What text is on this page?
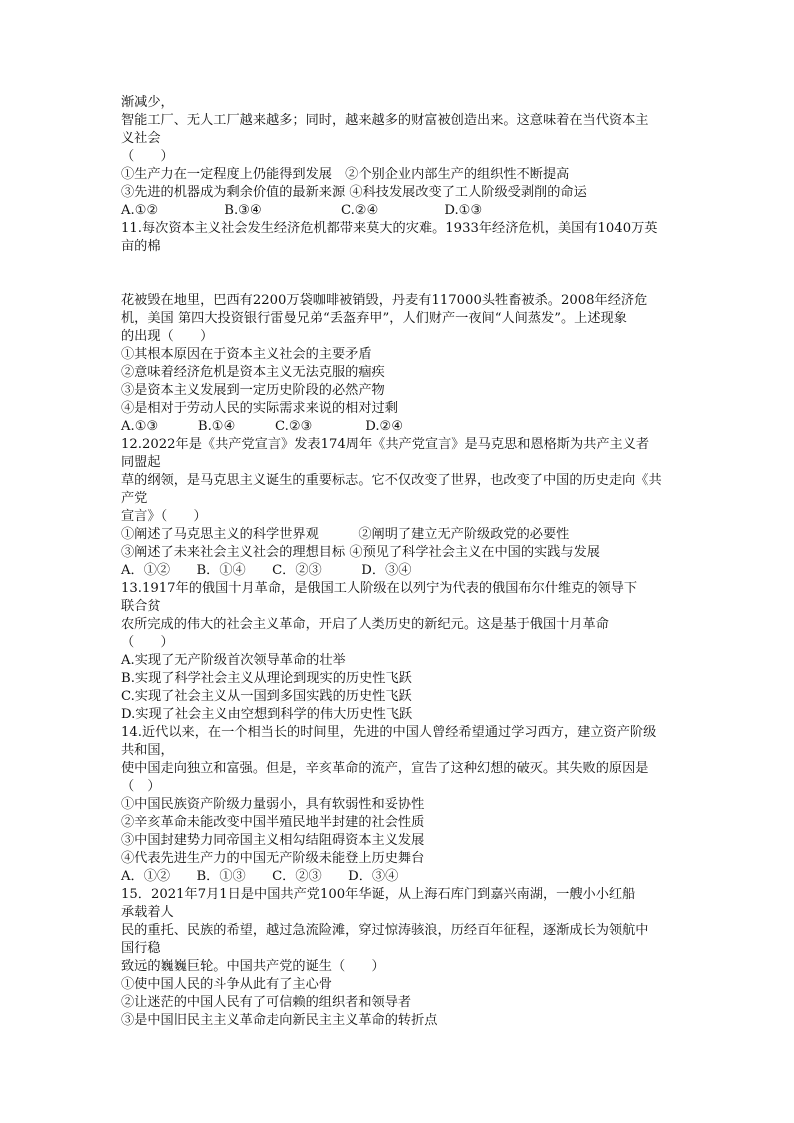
渐减少，
智能工厂、无人工厂越来越多；同时，越来越多的财富被创造出来。这意味着在当代资本主
义社会
（　　）
①生产力在一定程度上仍能得到发展　②个别企业内部生产的组织性不断提高
③先进的机器成为剩余价值的最新来源 ④科技发展改变了工人阶级受剥削的命运
A.①②　　　　　B.③④　　　　　　C.②④　　　　　D.①③
11.每次资本主义社会发生经济危机都带来莫大的灾难。1933年经济危机，美国有1040万英
亩的棉
花被毁在地里，巴西有2200万袋咖啡被销毁，丹麦有117000头牲畜被杀。2008年经济危
机，美国 第四大投资银行雷曼兄弟“丢盔弃甲”，人们财产一夜间“人间蒸发”。上述现象
的出现（　　）
①其根本原因在于资本主义社会的主要矛盾
②意味着经济危机是资本主义无法克服的痼疾
③是资本主义发展到一定历史阶段的必然产物
④是相对于劳动人民的实际需求来说的相对过剩
A.①③　　　B.①④　　　C.②③　　　　D.②④
12.2022年是《共产党宣言》发表174周年《共产党宣言》是马克思和恩格斯为共产主义者
同盟起
草的纲领，是马克思主义诞生的重要标志。它不仅改变了世界，也改变了中国的历史走向《共
产党
宣言》（　　）
①阐述了马克思主义的科学世界观　　　②阐明了建立无产阶级政党的必要性
③阐述了未来社会主义社会的理想目标 ④预见了科学社会主义在中国的实践与发展
A．①②　　B．①④　　C．②③　　　D．③④
13.1917年的俄国十月革命，是俄国工人阶级在以列宁为代表的俄国布尔什维克的领导下
联合贫
农所完成的伟大的社会主义革命，开启了人类历史的新纪元。这是基于俄国十月革命
（　　）
A.实现了无产阶级首次领导革命的壮举
B.实现了科学社会主义从理论到现实的历史性飞跃
C.实现了社会主义从一国到多国实践的历史性飞跃
D.实现了社会主义由空想到科学的伟大历史性飞跃
14.近代以来，在一个相当长的时间里，先进的中国人曾经希望通过学习西方，建立资产阶级
共和国，
使中国走向独立和富强。但是，辛亥革命的流产，宣告了这种幻想的破灭。其失败的原因是
（　）
①中国民族资产阶级力量弱小，具有软弱性和妥协性
②辛亥革命未能改变中国半殖民地半封建的社会性质
③中国封建势力同帝国主义相勾结阻碍资本主义发展
④代表先进生产力的中国无产阶级未能登上历史舞台
A．①②　　B．①③　　C．②③　　D．③④
15．2021年7月1日是中国共产党100年华诞，从上海石库门到嘉兴南湖，一艘小小红船
承载着人
民的重托、民族的希望，越过急流险滩，穿过惊涛骇浪，历经百年征程，逐渐成长为领航中
国行稳
致远的巍巍巨轮。中国共产党的诞生（　　）
①使中国人民的斗争从此有了主心骨
②让迷茫的中国人民有了可信赖的组织者和领导者
③是中国旧民主主义革命走向新民主主义革命的转折点
